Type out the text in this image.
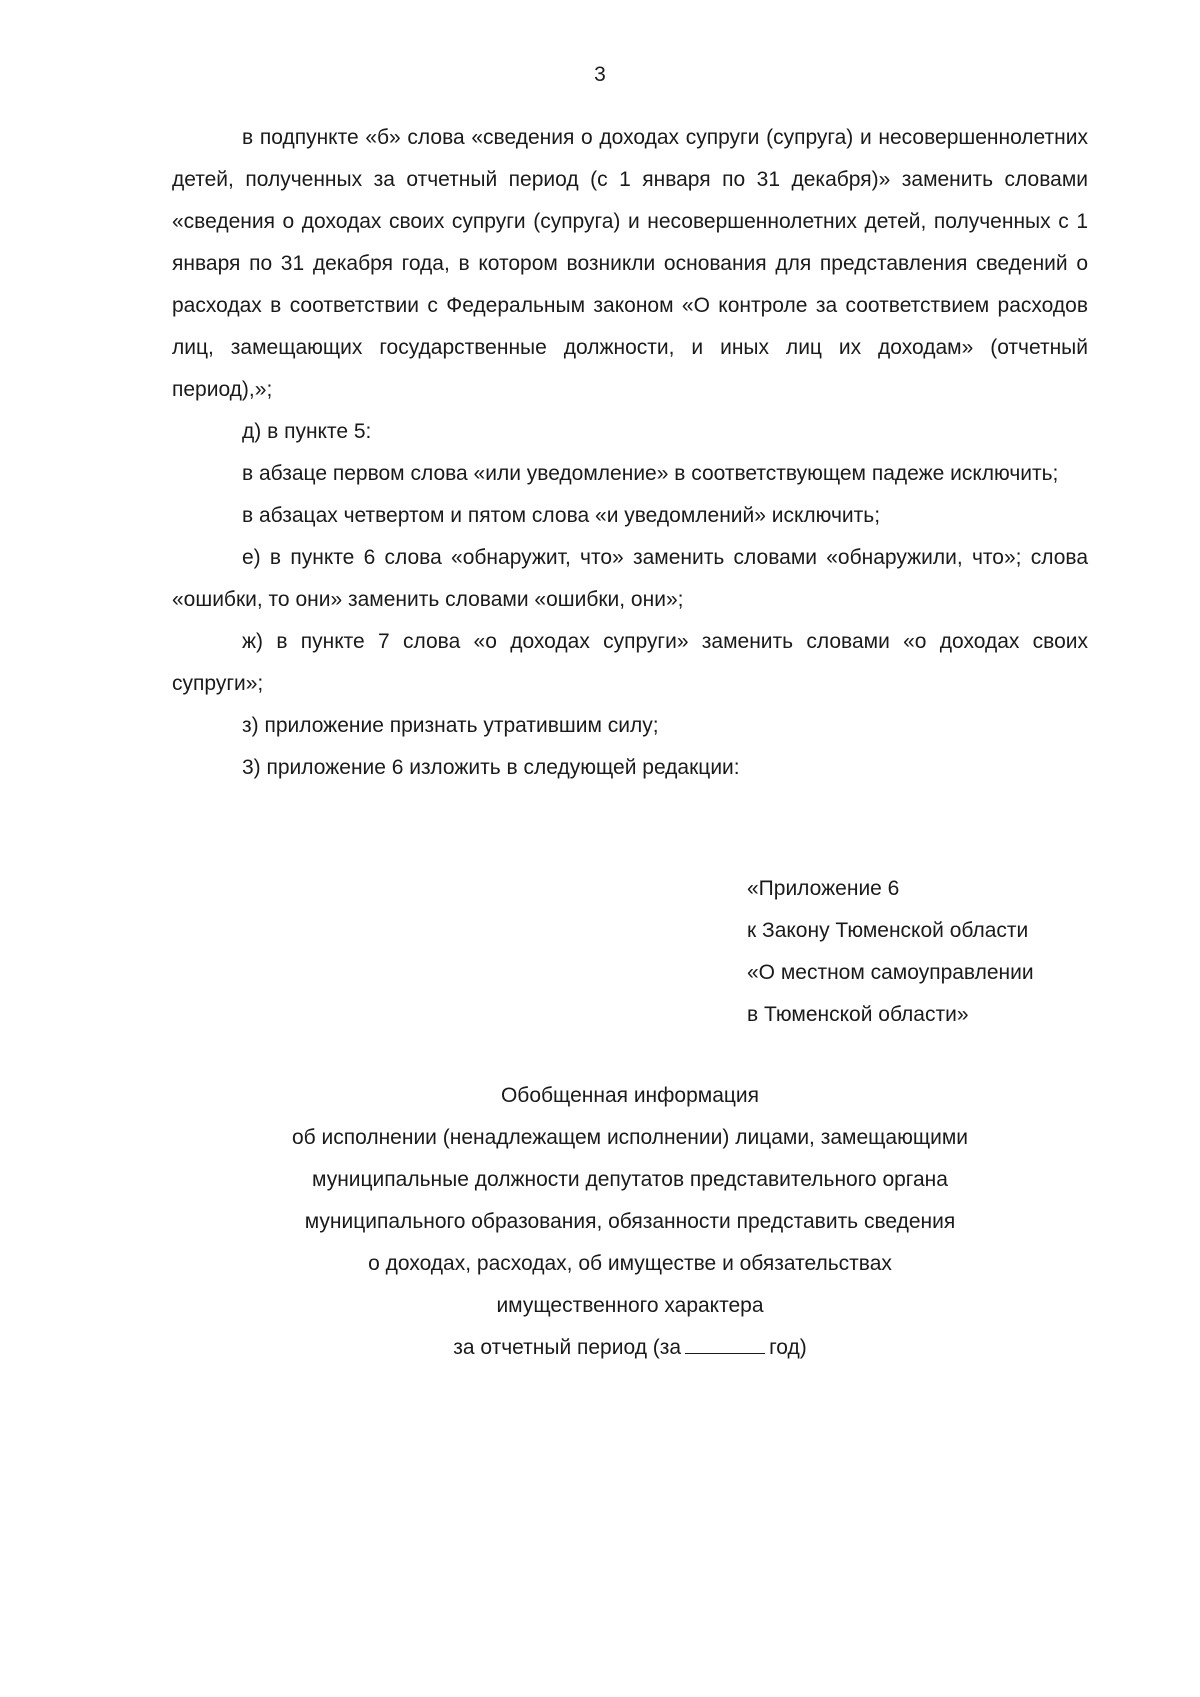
3

в подпункте «б» слова «сведения о доходах супруги (супруга) и несовершеннолетних детей, полученных за отчетный период (с 1 января по 31 декабря)» заменить словами «сведения о доходах своих супруги (супруга) и несовершеннолетних детей, полученных с 1 января по 31 декабря года, в котором возникли основания для представления сведений о расходах в соответствии с Федеральным законом «О контроле за соответствием расходов лиц, замещающих государственные должности, и иных лиц их доходам» (отчетный период),»;

д) в пункте 5:

в абзаце первом слова «или уведомление» в соответствующем падеже исключить;

в абзацах четвертом и пятом слова «и уведомлений» исключить;

е) в пункте 6 слова «обнаружит, что» заменить словами «обнаружили, что»; слова «ошибки, то они» заменить словами «ошибки, они»;

ж) в пункте 7 слова «о доходах супруги» заменить словами «о доходах своих супруги»;

з) приложение признать утратившим силу;

3) приложение 6 изложить в следующей редакции:

«Приложение 6
к Закону Тюменской области
«О местном самоуправлении
в Тюменской области»
Обобщенная информация
об исполнении (ненадлежащем исполнении) лицами, замещающими
муниципальные должности депутатов представительного органа
муниципального образования, обязанности представить сведения
о доходах, расходах, об имуществе и обязательствах
имущественного характера
за отчетный период (за	год)
